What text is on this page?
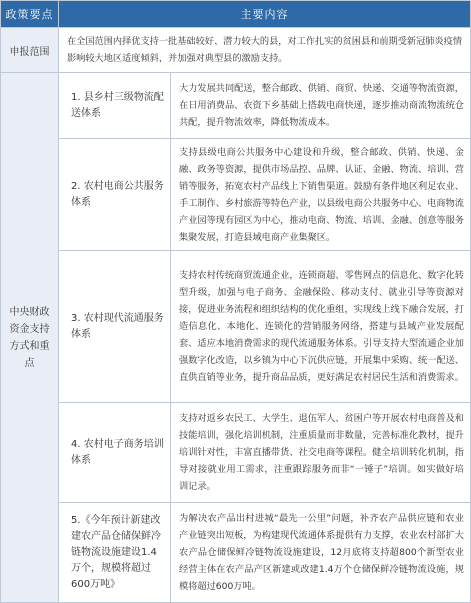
政策要点	主要内容	
申报范围	在全国范围内择优支持一批基础较好、潜力较大的县，对工作扎实的贫困县和前期受新冠肺炎疫情影响较大地区适度倾斜，并加强对典型县的激励支持。	
中央财政资金支持方式和重点	1. 县乡村三级物流配送体系	大力发展共同配送，整合邮政、供销、商贸、快递、交通等物流资源，在日用消费品、农资下乡基础上搭载电商快递，逐步推动商流物流统仓共配，提升物流效率，降低物流成本。
	2. 农村电商公共服务体系	支持县级电商公共服务中心建设和升级，整合邮政、供销、快递、金融、政务等资源，提供市场品控、品牌、认证、金融、物流、培训、营销等服务，拓宽农村产品线上下销售渠道。鼓励有条件地区利足农业、手工制作、乡村旅游等特色产业，以县级电商公共服务中心、电商物流产业园等现有园区为中心，推动电商、物流、培训、金融、创意等服务集聚发展，打造县域电商产业集聚区。
	3. 农村现代流通服务体系	支持农村传统商贸流通企业，连锁商超、零售网点的信息化、数字化转型升级，加强与电子商务、金融保险、移动支付、就业引导等资源对接，促进业务流程和组织结构的优化重组，实现线上线下融合发展，打造信息化、本地化、连锁化的营销服务网络，搭建与县域产业发展配套、适应本地消费需求的现代流通服务体系。引导支持大型流通企业加强数字化改造，以乡镇为中心下沉供应链，开展集中采购、统一配送、直供直销等业务，提升商品品质，更好满足农村居民生活和消费需求。
	4. 农村电子商务培训体系	支持对返乡农民工、大学生、退伍军人、贫困户等开展农村电商普及和技能培训，强化培训机制，注重质量而非数量，完善标准化教材，提升培训针对性，丰富直播带货、社交电商等课程。健全培训转化机制，指导对接就业用工需求，注重跟踪服务而非“一锤子”培训。如实做好培训记录。
	5.《今年预计新建改建农产品仓储保鲜冷链物流设施建设1.4万个，规模将超过600万吨》	为解决农产品出村进城“最先一公里”问题，补齐农产品供应链和农业产业链突出短板，为构建现代流通体系提供有力支撑，农业农村部扩大农产品仓储保鲜冷链物流设施建设，12月底将支持超800个新型农业经营主体在农产品产区新建或改建1.4万个仓储保鲜冷链物流设施，规模将超过600万吨。
